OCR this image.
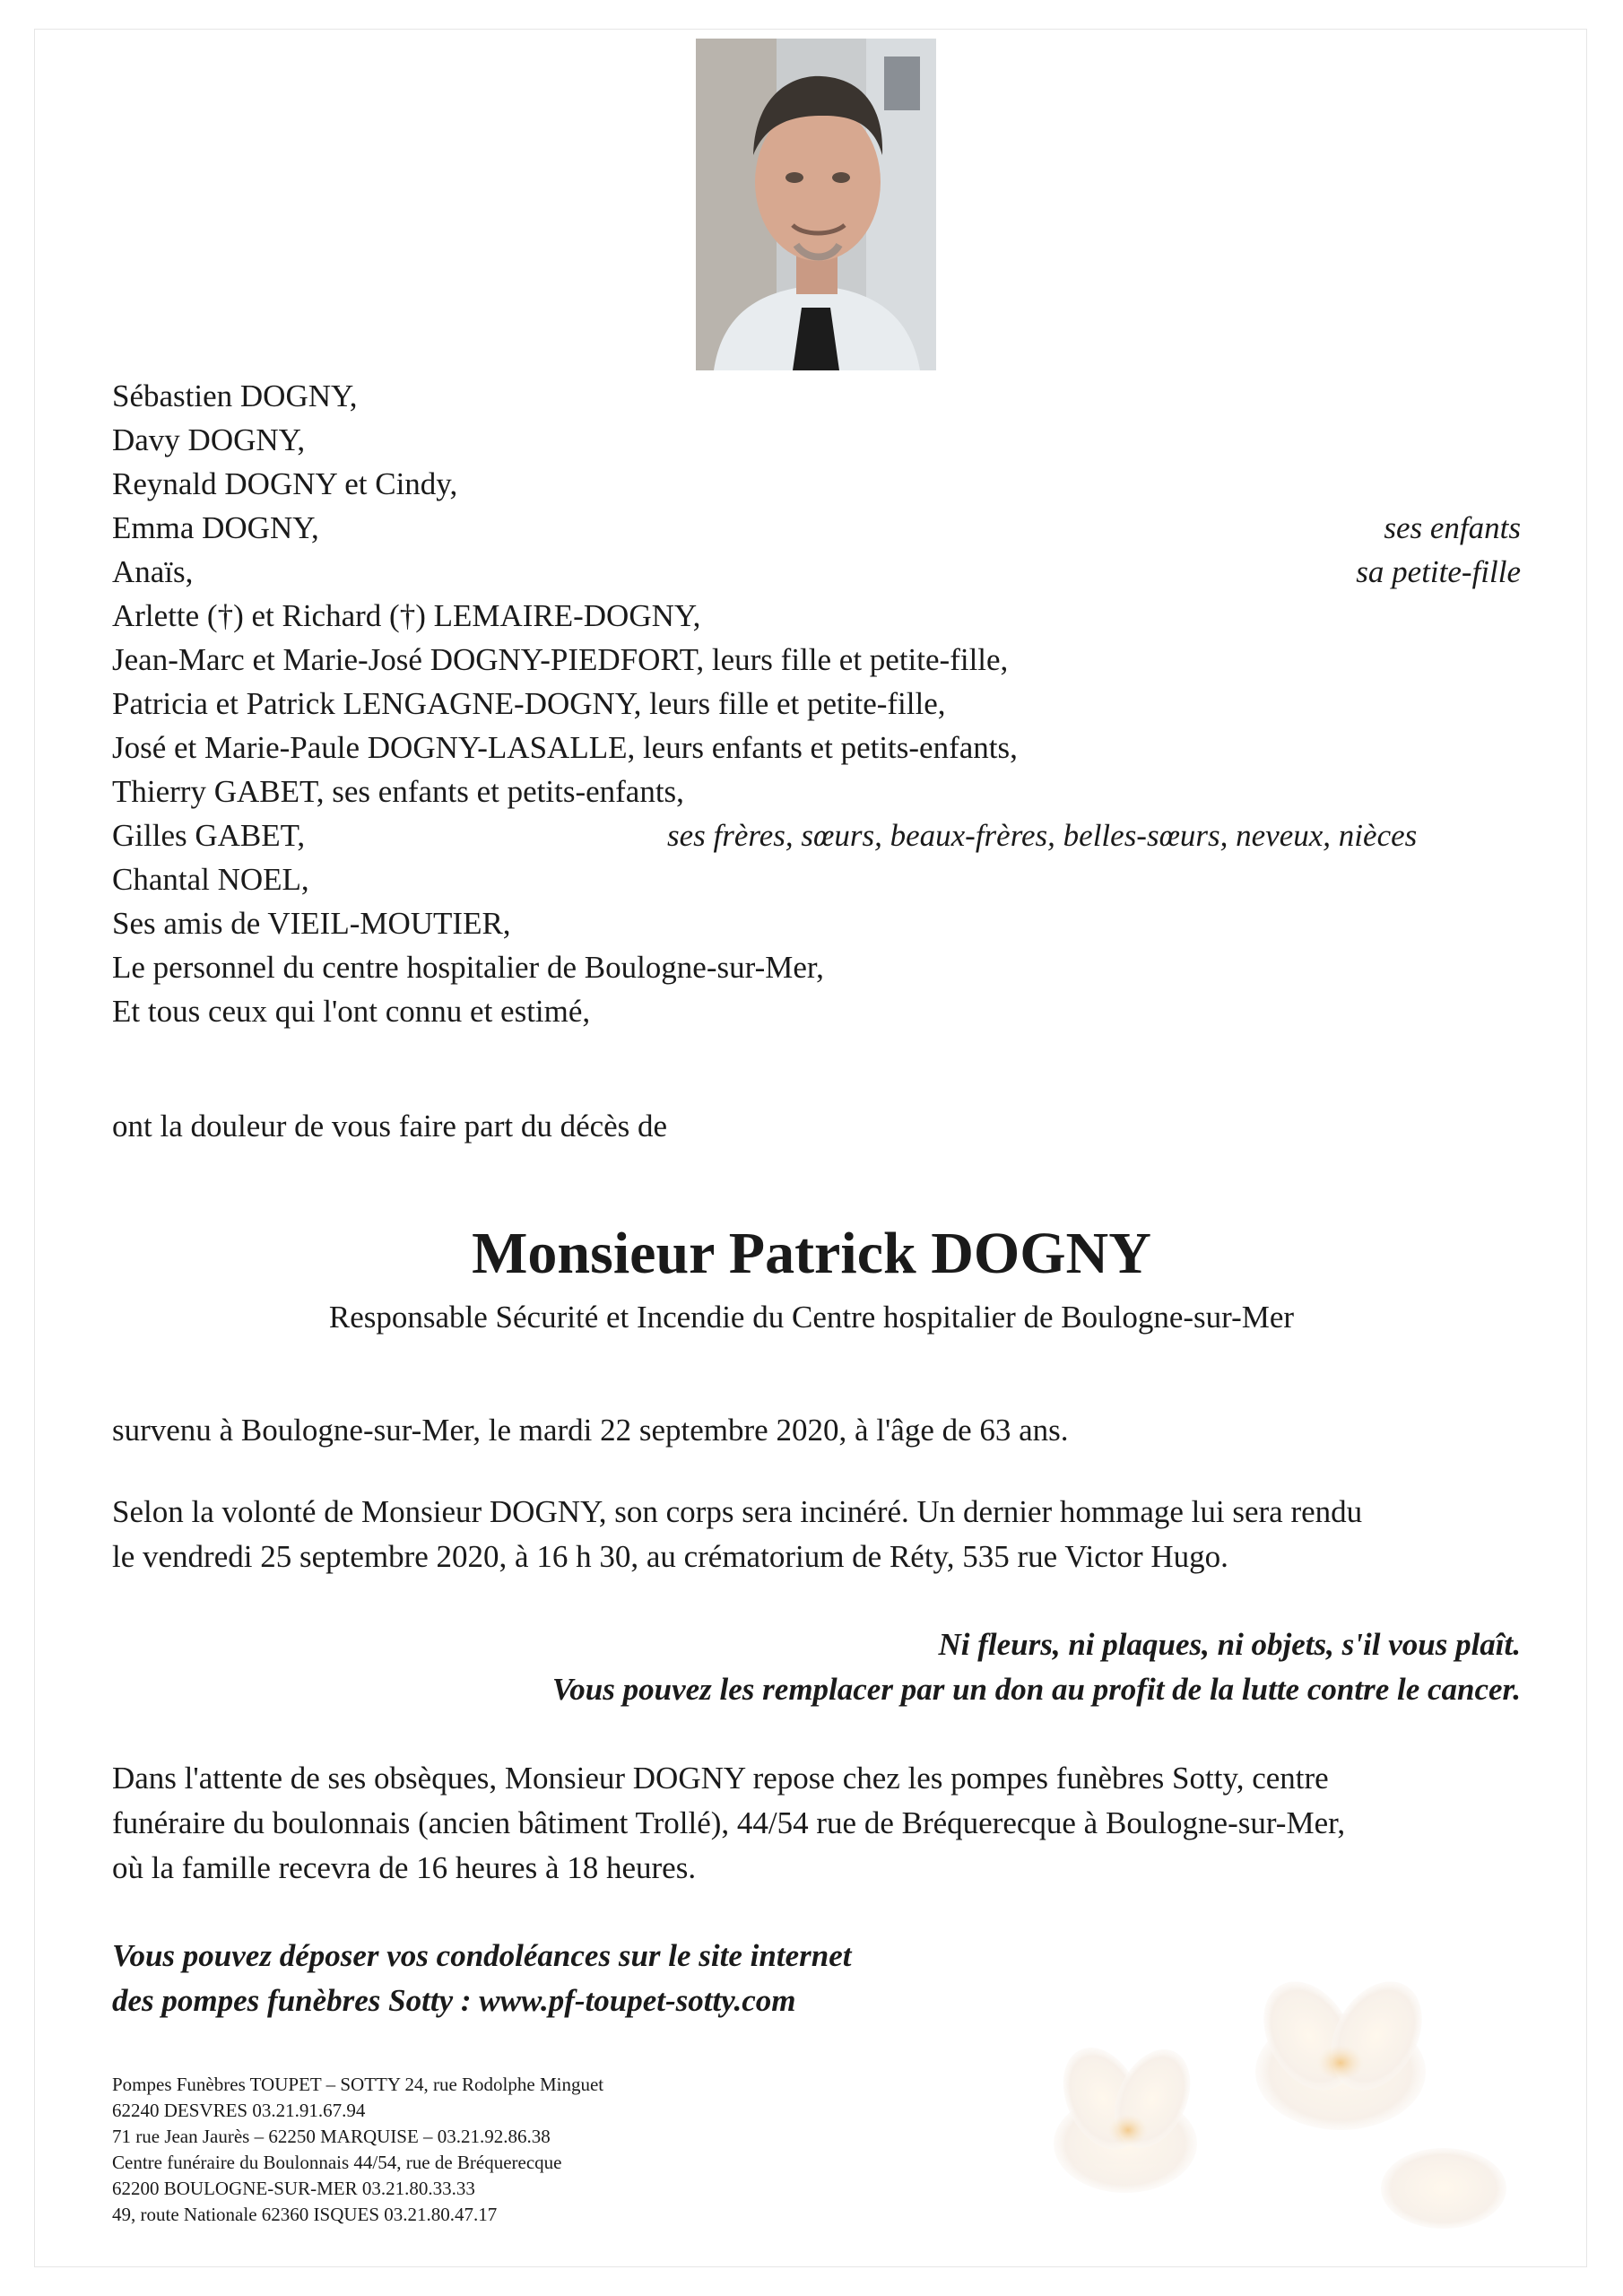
Sébastien DOGNY,
Davy DOGNY,
Reynald DOGNY et Cindy,
Emma DOGNY,
Anaïs,
Arlette (†) et Richard (†) LEMAIRE-DOGNY,
Jean-Marc et Marie-José DOGNY-PIEDFORT, leurs fille et petite-fille,
Patricia et Patrick LENGAGNE-DOGNY, leurs fille et petite-fille,
José et Marie-Paule DOGNY-LASALLE, leurs enfants et petits-enfants,
Thierry GABET, ses enfants et petits-enfants,
Gilles GABET,
Chantal NOEL,
Ses amis de VIEIL-MOUTIER,
Le personnel du centre hospitalier de Boulogne-sur-Mer,
Et tous ceux qui l'ont connu et estimé,
ses enfants
sa petite-fille
ses frères, sœurs, beaux-frères, belles-sœurs, neveux, nièces
ont la douleur de vous faire part du décès de
Monsieur Patrick DOGNY
Responsable Sécurité et Incendie du Centre hospitalier de Boulogne-sur-Mer
survenu à Boulogne-sur-Mer, le mardi 22 septembre 2020, à l'âge de 63 ans.
Selon la volonté de Monsieur DOGNY, son corps sera incinéré. Un dernier hommage lui sera rendu
le vendredi 25 septembre 2020, à 16 h 30, au crématorium de Réty, 535 rue Victor Hugo.
Ni fleurs, ni plaques, ni objets, s'il vous plaît.
Vous pouvez les remplacer par un don au profit de la lutte contre le cancer.
Dans l'attente de ses obsèques, Monsieur DOGNY repose chez les pompes funèbres Sotty, centre
funéraire du boulonnais (ancien bâtiment Trollé), 44/54 rue de Bréquerecque à Boulogne-sur-Mer,
où la famille recevra de 16 heures à 18 heures.
Vous pouvez déposer vos condoléances sur le site internet
des pompes funèbres Sotty : www.pf-toupet-sotty.com
Pompes Funèbres TOUPET – SOTTY 24, rue Rodolphe Minguet
62240 DESVRES 03.21.91.67.94
71 rue Jean Jaurès – 62250 MARQUISE – 03.21.92.86.38
Centre funéraire du Boulonnais 44/54, rue de Bréquerecque
62200 BOULOGNE-SUR-MER 03.21.80.33.33
49, route Nationale 62360 ISQUES 03.21.80.47.17
